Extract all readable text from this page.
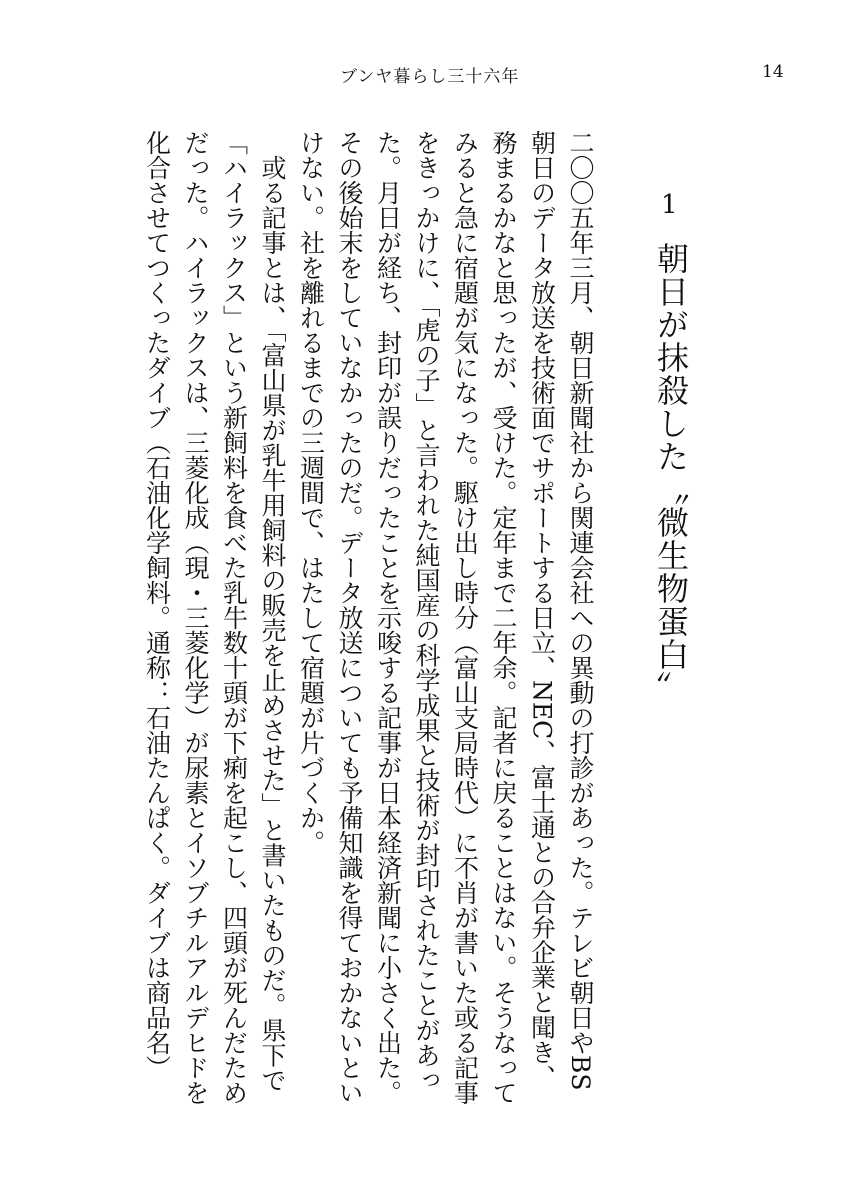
ブンヤ暮らし三十六年	14
1
朝日が抹殺した〝微生物蛋白〟

二〇〇五年三月、朝日新聞社から関連会社への異動の打診があった。テレビ朝日やBS朝日のデータ放送を技術面でサポートする日立、NEC、富士通との合弁企業と聞き、務まるかなと思ったが、受けた。定年まで二年余。記者に戻ることはない。そうなってみると急に宿題が気になった。駆け出し時分（富山支局時代）に不肖が書いた或る記事をきっかけに、「虎の子」と言われた純国産の科学成果と技術が封印されたことがあった。月日が経ち、封印が誤りだったことを示唆する記事が日本経済新聞に小さく出た。その後始末をしていなかったのだ。データ放送についても予備知識を得ておかないといけない。社を離れるまでの三週間で、はたして宿題が片づくか。

或る記事とは、「富山県が乳牛用飼料の販売を止めさせた」と書いたものだ。県下で「ハイラックス」という新飼料を食べた乳牛数十頭が下痢を起こし、四頭が死んだためだった。ハイラックスは、三菱化成（現・三菱化学）が尿素とイソブチルアルデヒドを化合させてつくったダイブ（石油化学飼料。通称：石油たんぱく。ダイブは商品名）
